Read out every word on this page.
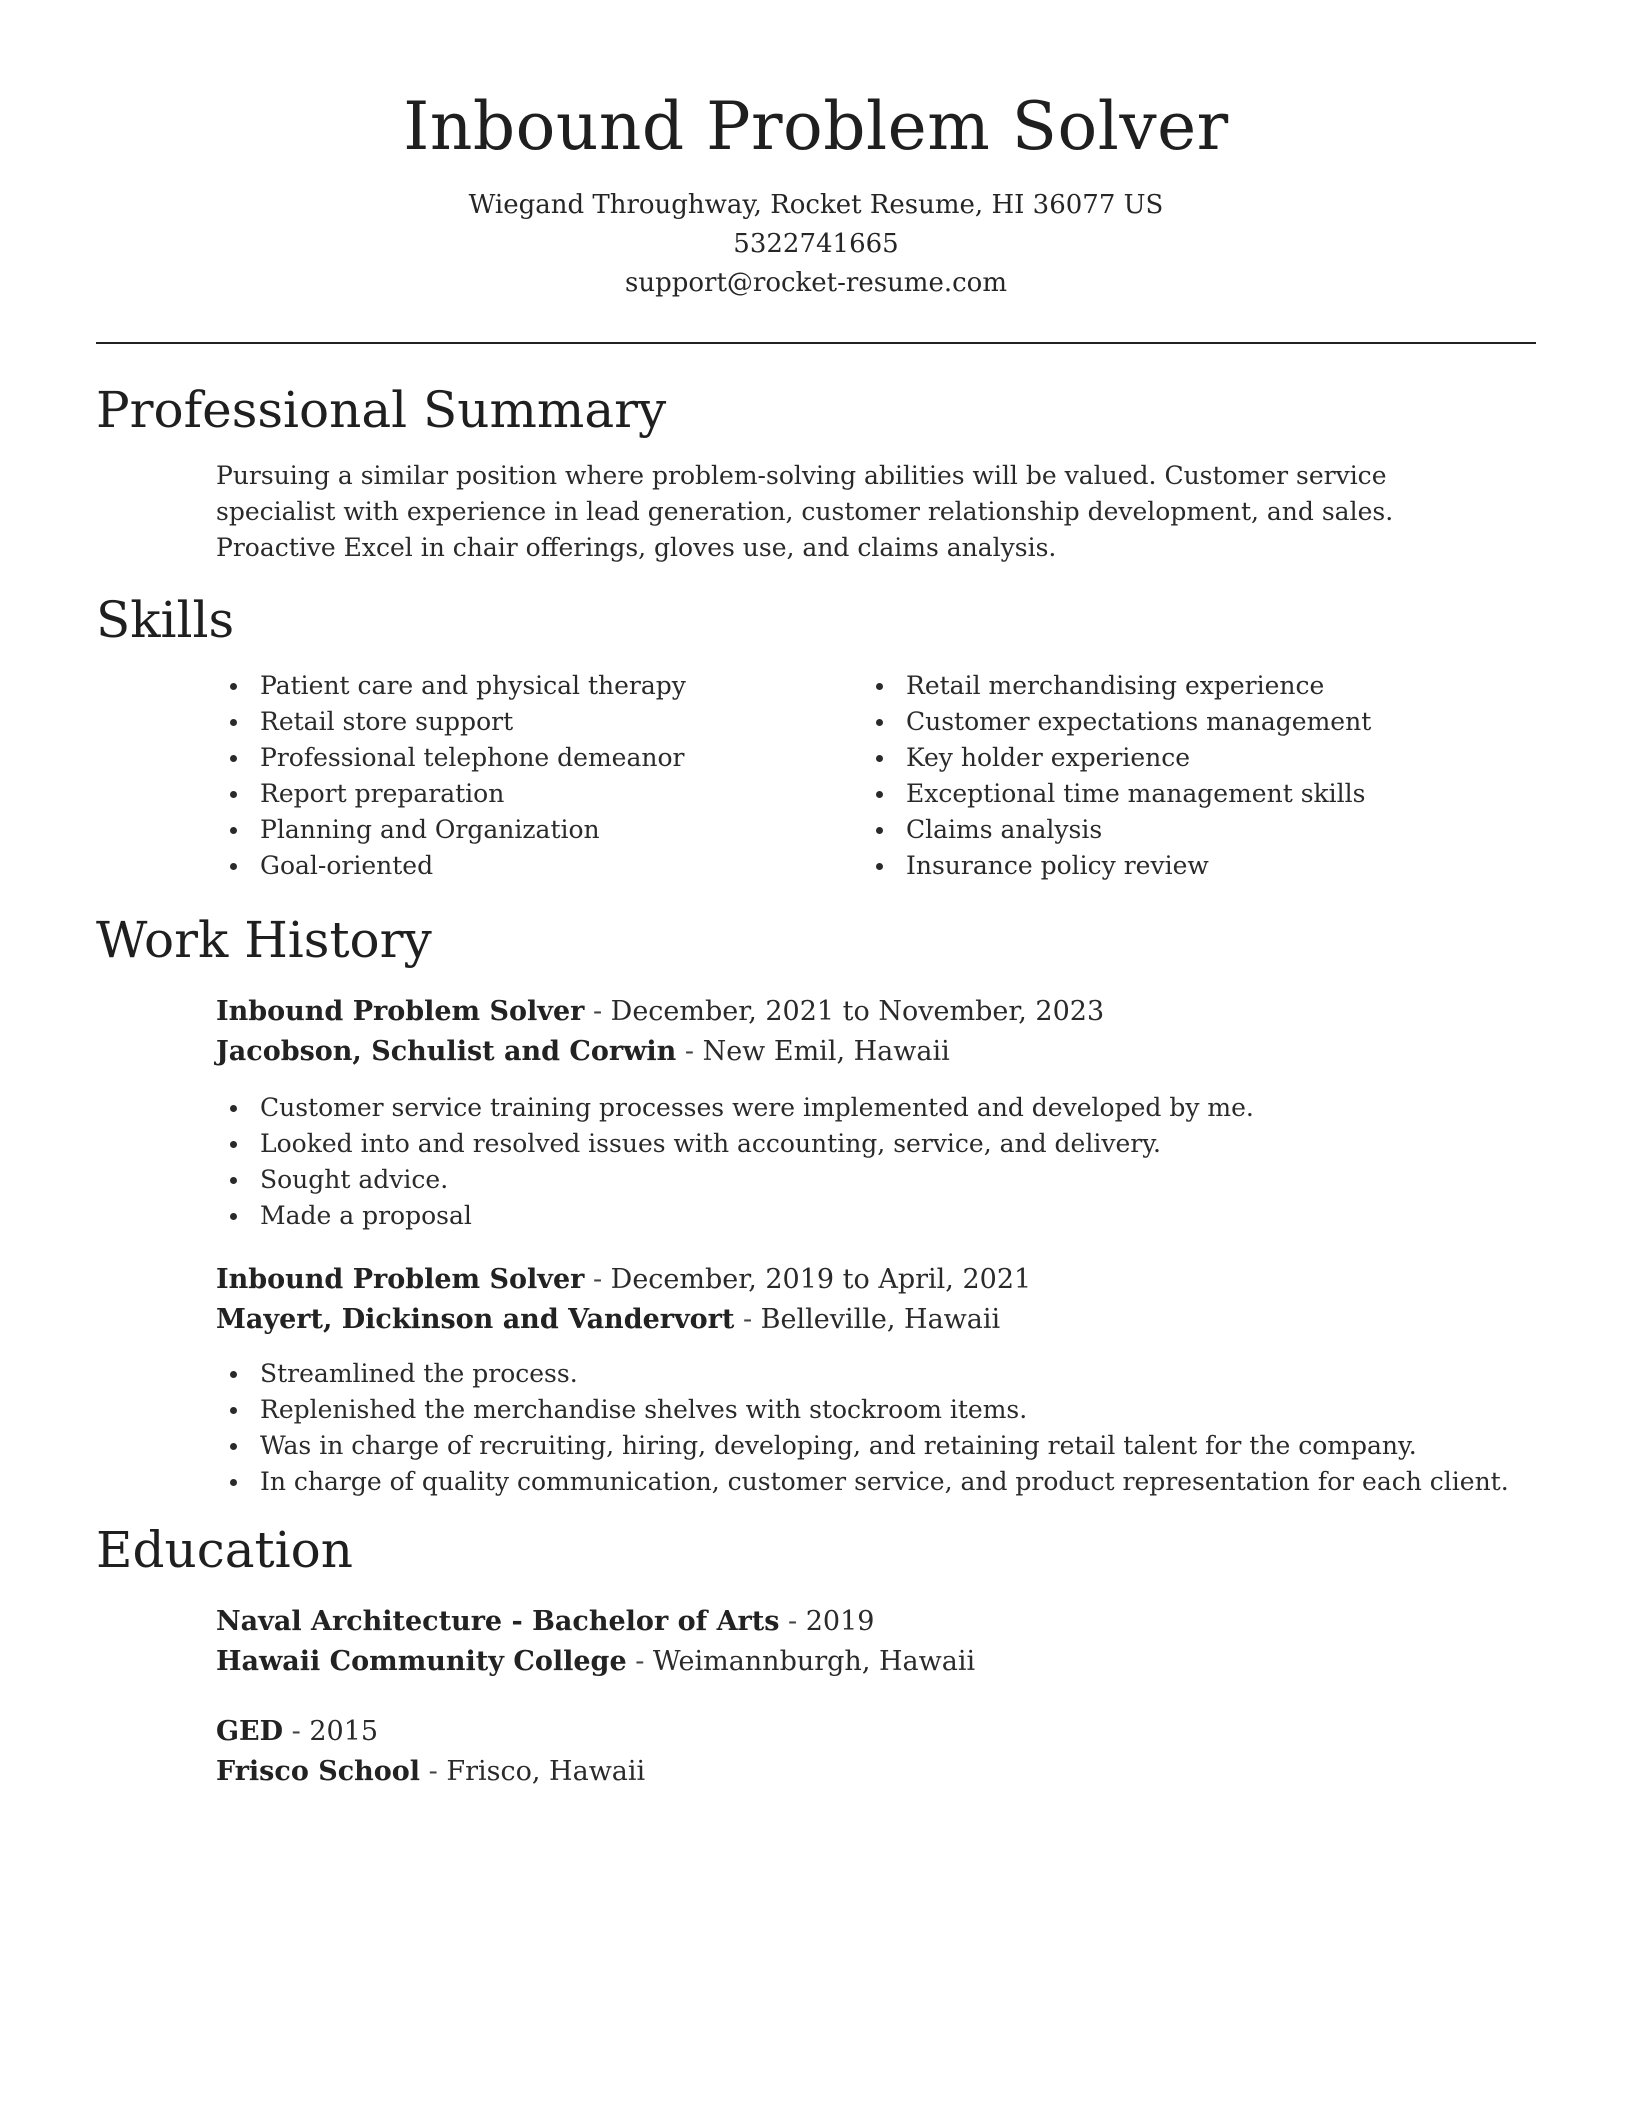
Inbound Problem Solver
Wiegand Throughway, Rocket Resume, HI 36077 US
5322741665
support@rocket-resume.com
Professional Summary

Pursuing a similar position where problem-solving abilities will be valued. Customer service specialist with experience in lead generation, customer relationship development, and sales. Proactive Excel in chair offerings, gloves use, and claims analysis.

Skills
Patient care and physical therapy
Retail store support
Professional telephone demeanor
Report preparation
Planning and Organization
Goal-oriented
Retail merchandising experience
Customer expectations management
Key holder experience
Exceptional time management skills
Claims analysis
Insurance policy review
Work History
Inbound Problem Solver - December, 2021 to November, 2023
Jacobson, Schulist and Corwin - New Emil, Hawaii
Customer service training processes were implemented and developed by me.
Looked into and resolved issues with accounting, service, and delivery.
Sought advice.
Made a proposal
Inbound Problem Solver - December, 2019 to April, 2021
Mayert, Dickinson and Vandervort - Belleville, Hawaii
Streamlined the process.
Replenished the merchandise shelves with stockroom items.
Was in charge of recruiting, hiring, developing, and retaining retail talent for the company.
In charge of quality communication, customer service, and product representation for each client.
Education
Naval Architecture - Bachelor of Arts - 2019
Hawaii Community College - Weimannburgh, Hawaii
GED - 2015
Frisco School - Frisco, Hawaii
